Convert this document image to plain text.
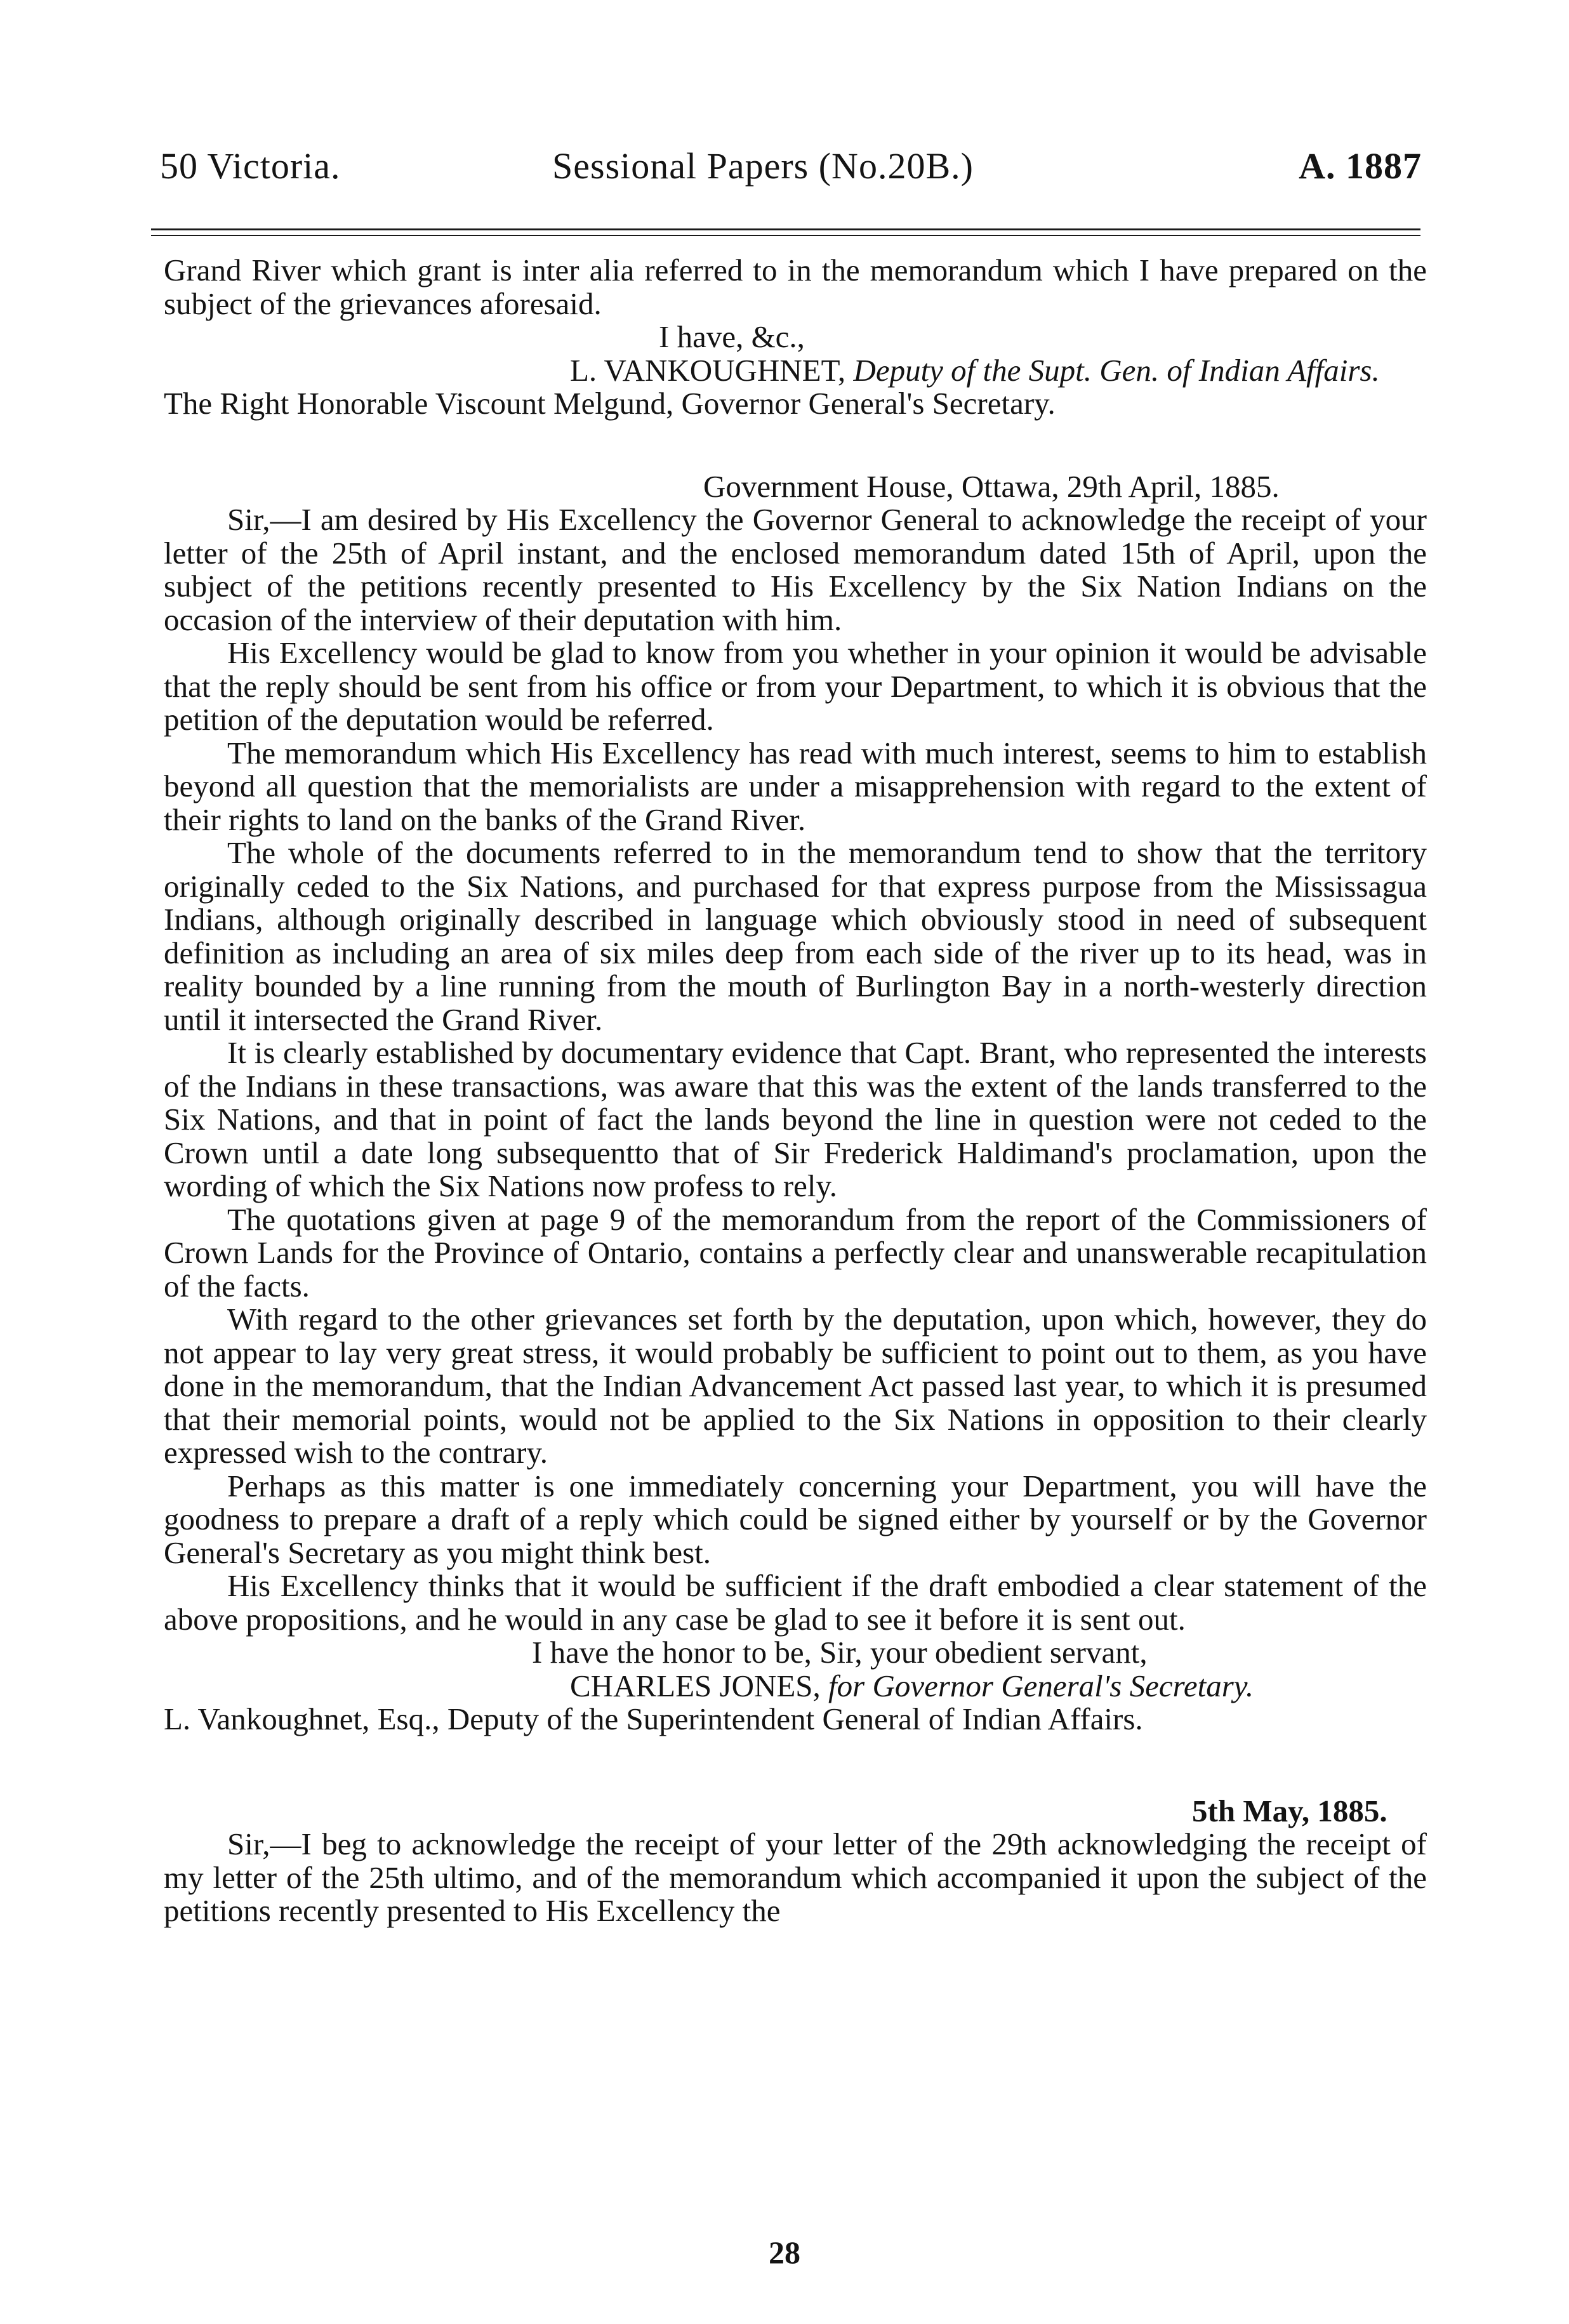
50 Victoria.	Sessional Papers (No.20B.)	A. 1887

Grand River which grant is inter alia referred to in the memorandum which I have prepared on the subject of the grievances aforesaid.

I have, &c.,

L. VANKOUGHNET, Deputy of the Supt. Gen. of Indian Affairs.

The Right Honorable Viscount Melgund, Governor General's Secretary.

Government House, Ottawa, 29th April, 1885.

Sir,—I am desired by His Excellency the Governor General to acknowledge the receipt of your letter of the 25th of April instant, and the enclosed memorandum dated 15th of April, upon the subject of the petitions recently presented to His Excellency by the Six Nation Indians on the occasion of the interview of their deputation with him.

His Excellency would be glad to know from you whether in your opinion it would be advisable that the reply should be sent from his office or from your Department, to which it is obvious that the petition of the deputation would be referred.

The memorandum which His Excellency has read with much interest, seems to him to establish beyond all question that the memorialists are under a misapprehension with regard to the extent of their rights to land on the banks of the Grand River.

The whole of the documents referred to in the memorandum tend to show that the territory originally ceded to the Six Nations, and purchased for that express purpose from the Mississagua Indians, although originally described in language which obviously stood in need of subsequent definition as including an area of six miles deep from each side of the river up to its head, was in reality bounded by a line running from the mouth of Burlington Bay in a north-westerly direction until it intersected the Grand River.

It is clearly established by documentary evidence that Capt. Brant, who represented the interests of the Indians in these transactions, was aware that this was the extent of the lands transferred to the Six Nations, and that in point of fact the lands beyond the line in question were not ceded to the Crown until a date long subsequentto that of Sir Frederick Haldimand's proclamation, upon the wording of which the Six Nations now profess to rely.

The quotations given at page 9 of the memorandum from the report of the Commissioners of Crown Lands for the Province of Ontario, contains a perfectly clear and unanswerable recapitulation of the facts.

With regard to the other grievances set forth by the deputation, upon which, however, they do not appear to lay very great stress, it would probably be sufficient to point out to them, as you have done in the memorandum, that the Indian Advancement Act passed last year, to which it is presumed that their memorial points, would not be applied to the Six Nations in opposition to their clearly expressed wish to the contrary.

Perhaps as this matter is one immediately concerning your Department, you will have the goodness to prepare a draft of a reply which could be signed either by yourself or by the Governor General's Secretary as you might think best.

His Excellency thinks that it would be sufficient if the draft embodied a clear statement of the above propositions, and he would in any case be glad to see it before it is sent out.

I have the honor to be, Sir, your obedient servant,

CHARLES JONES, for Governor General's Secretary.

L. Vankoughnet, Esq., Deputy of the Superintendent General of Indian Affairs.

5th May, 1885.

Sir,—I beg to acknowledge the receipt of your letter of the 29th acknowledging the receipt of my letter of the 25th ultimo, and of the memorandum which accompanied it upon the subject of the petitions recently presented to His Excellency the

28
